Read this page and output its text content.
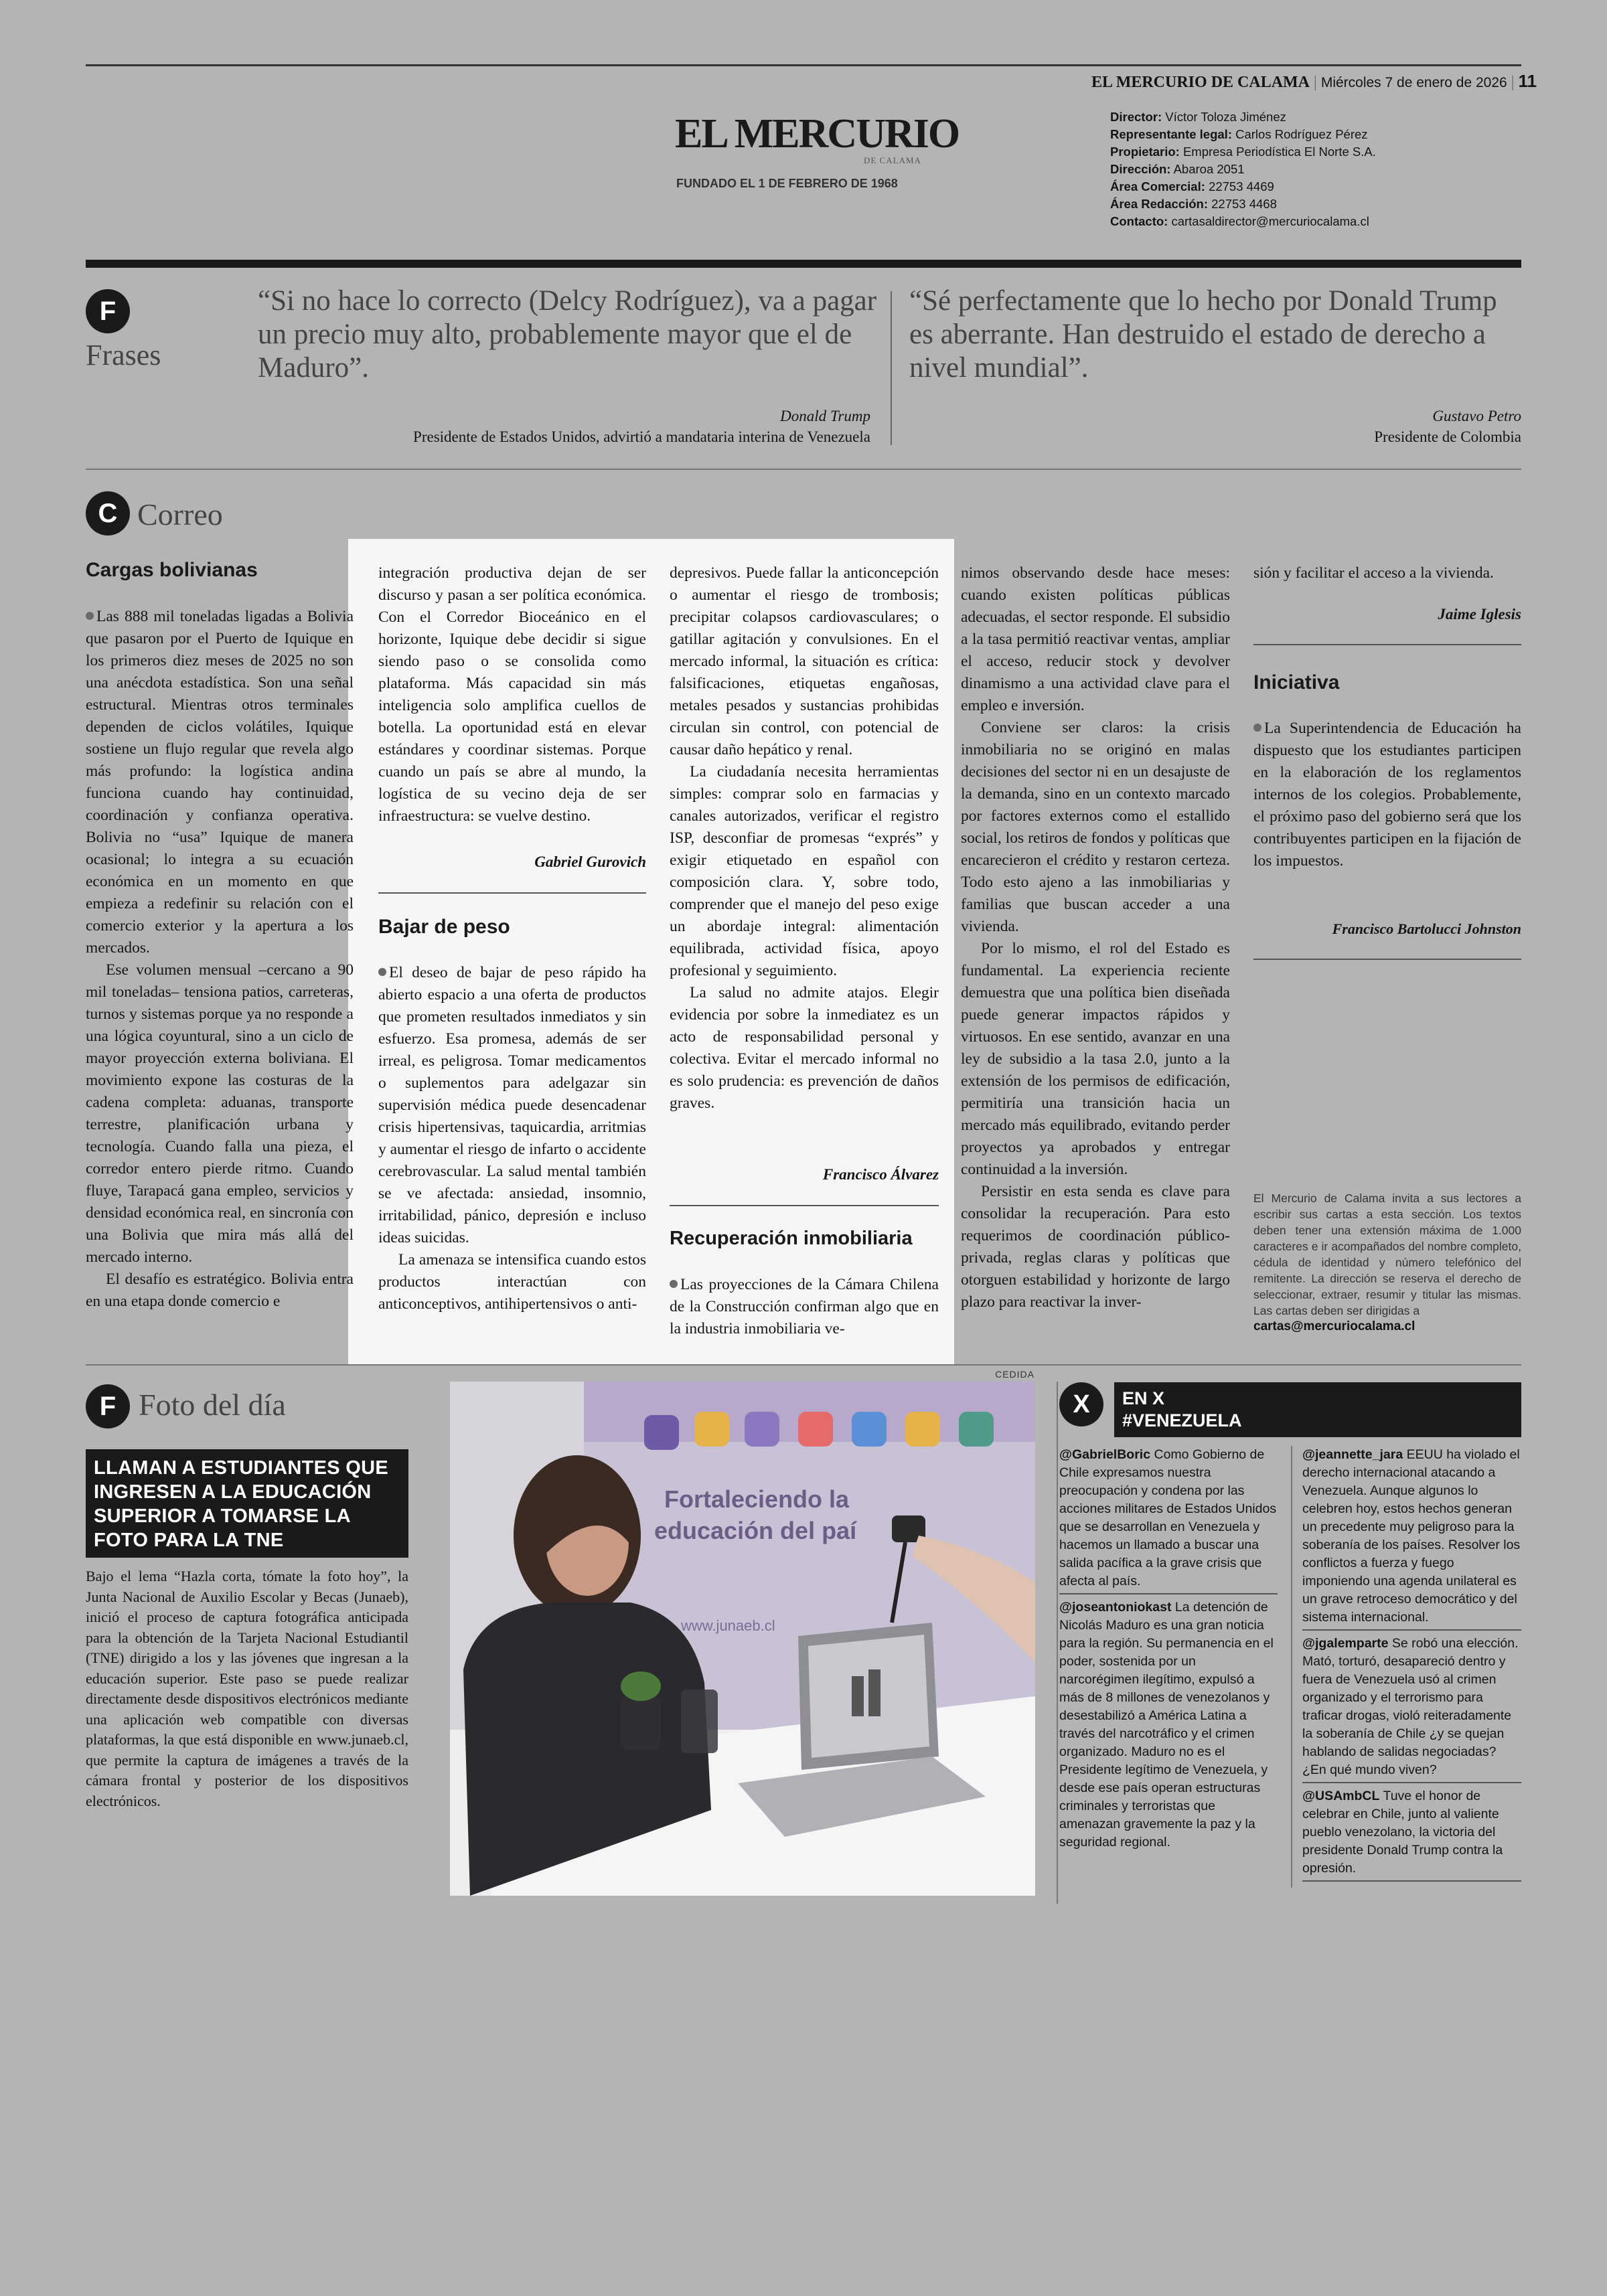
EL MERCURIO DE CALAMA | Miércoles 7 de enero de 2026 | 11
EL MERCURIO
DE CALAMA
FUNDADO EL 1 DE FEBRERO DE 1968
Director: Víctor Toloza Jiménez
Representante legal: Carlos Rodríguez Pérez
Propietario: Empresa Periodística El Norte S.A.
Dirección: Abaroa 2051
Área Comercial: 22753 4469
Área Redacción: 22753 4468
Contacto: cartasaldirector@mercuriocalama.cl
F
Frases
“Si no hace lo correcto (Delcy Rodríguez), va a pagar un precio muy alto, probablemente mayor que el de Maduro”.
Donald Trump
Presidente de Estados Unidos, advirtió a mandataria interina de Venezuela
“Sé perfectamente que lo hecho por Donald Trump es aberrante. Han destruido el estado de derecho a nivel mundial”.
Gustavo Petro
Presidente de Colombia
C Correo
Cargas bolivianas

Las 888 mil toneladas ligadas a Bolivia que pasaron por el Puerto de Iquique en los primeros diez meses de 2025 no son una anécdota estadística. Son una señal estructural. Mientras otros terminales dependen de ciclos volátiles, Iquique sostiene un flujo regular que revela algo más profundo: la logística andina funciona cuando hay continuidad, coordinación y confianza operativa. Bolivia no “usa” Iquique de manera ocasional; lo integra a su ecuación económica en un momento en que empieza a redefinir su relación con el comercio exterior y la apertura a los mercados.

Ese volumen mensual –cercano a 90 mil toneladas– tensiona patios, carreteras, turnos y sistemas porque ya no responde a una lógica coyuntural, sino a un ciclo de mayor proyección externa boliviana. El movimiento expone las costuras de la cadena completa: aduanas, transporte terrestre, planificación urbana y tecnología. Cuando falla una pieza, el corredor entero pierde ritmo. Cuando fluye, Tarapacá gana empleo, servicios y densidad económica real, en sincronía con una Bolivia que mira más allá del mercado interno.

El desafío es estratégico. Bolivia entra en una etapa donde comercio e

integración productiva dejan de ser discurso y pasan a ser política económica. Con el Corredor Bioceánico en el horizonte, Iquique debe decidir si sigue siendo paso o se consolida como plataforma. Más capacidad sin más inteligencia solo amplifica cuellos de botella. La oportunidad está en elevar estándares y coordinar sistemas. Porque cuando un país se abre al mundo, la logística de su vecino deja de ser infraestructura: se vuelve destino.

Gabriel Gurovich
Bajar de peso

El deseo de bajar de peso rápido ha abierto espacio a una oferta de productos que prometen resultados inmediatos y sin esfuerzo. Esa promesa, además de ser irreal, es peligrosa. Tomar medicamentos o suplementos para adelgazar sin supervisión médica puede desencadenar crisis hipertensivas, taquicardia, arritmias y aumentar el riesgo de infarto o accidente cerebrovascular. La salud mental también se ve afectada: ansiedad, insomnio, irritabilidad, pánico, depresión e incluso ideas suicidas.

La amenaza se intensifica cuando estos productos interactúan con anticonceptivos, antihipertensivos o anti-

depresivos. Puede fallar la anticoncepción o aumentar el riesgo de trombosis; precipitar colapsos cardiovasculares; o gatillar agitación y convulsiones. En el mercado informal, la situación es crítica: falsificaciones, etiquetas engañosas, metales pesados y sustancias prohibidas circulan sin control, con potencial de causar daño hepático y renal.

La ciudadanía necesita herramientas simples: comprar solo en farmacias y canales autorizados, verificar el registro ISP, desconfiar de promesas “exprés” y exigir etiquetado en español con composición clara. Y, sobre todo, comprender que el manejo del peso exige un abordaje integral: alimentación equilibrada, actividad física, apoyo profesional y seguimiento.

La salud no admite atajos. Elegir evidencia por sobre la inmediatez es un acto de responsabilidad personal y colectiva. Evitar el mercado informal no es solo prudencia: es prevención de daños graves.

Francisco Álvarez
Recuperación inmobiliaria

Las proyecciones de la Cámara Chilena de la Construcción confirman algo que en la industria inmobiliaria ve-

nimos observando desde hace meses: cuando existen políticas públicas adecuadas, el sector responde. El subsidio a la tasa permitió reactivar ventas, ampliar el acceso, reducir stock y devolver dinamismo a una actividad clave para el empleo e inversión.

Conviene ser claros: la crisis inmobiliaria no se originó en malas decisiones del sector ni en un desajuste de la demanda, sino en un contexto marcado por factores externos como el estallido social, los retiros de fondos y políticas que encarecieron el crédito y restaron certeza. Todo esto ajeno a las inmobiliarias y familias que buscan acceder a una vivienda.

Por lo mismo, el rol del Estado es fundamental. La experiencia reciente demuestra que una política bien diseñada puede generar impactos rápidos y virtuosos. En ese sentido, avanzar en una ley de subsidio a la tasa 2.0, junto a la extensión de los permisos de edificación, permitiría una transición hacia un mercado más equilibrado, evitando perder proyectos ya aprobados y entregar continuidad a la inversión.

Persistir en esta senda es clave para consolidar la recuperación. Para esto requerimos de coordinación público-privada, reglas claras y políticas que otorguen estabilidad y horizonte de largo plazo para reactivar la inver-

sión y facilitar el acceso a la vivienda.

Jaime Iglesis
Iniciativa

La Superintendencia de Educación ha dispuesto que los estudiantes participen en la elaboración de los reglamentos internos de los colegios. Probablemente, el próximo paso del gobierno será que los contribuyentes participen en la fijación de los impuestos.

Francisco Bartolucci Johnston
El Mercurio de Calama invita a sus lectores a escribir sus cartas a esta sección. Los textos deben tener una extensión máxima de 1.000 caracteres e ir acompañados del nombre completo, cédula de identidad y número telefónico del remitente. La dirección se reserva el derecho de seleccionar, extraer, resumir y titular las mismas. Las cartas deben ser dirigidas a
cartas@mercuriocalama.cl
F Foto del día
LLAMAN A ESTUDIANTES QUE INGRESEN A LA EDUCACIÓN SUPERIOR A TOMARSE LA FOTO PARA LA TNE

Bajo el lema “Hazla corta, tómate la foto hoy”, la Junta Nacional de Auxilio Escolar y Becas (Junaeb), inició el proceso de captura fotográfica anticipada para la obtención de la Tarjeta Nacional Estudiantil (TNE) dirigido a los y las jóvenes que ingresan a la educación superior. Este paso se puede realizar directamente desde dispositivos electrónicos mediante una aplicación web compatible con diversas plataformas, la que está disponible en www.junaeb.cl, que permite la captura de imágenes a través de la cámara frontal y posterior de los dispositivos electrónicos.

CEDIDA
Fortaleciendo la
educación del paí
www.junaeb.cl
X	EN X
#VENEZUELA
@GabrielBoric Como Gobierno de Chile expresamos nuestra preocupación y condena por las acciones militares de Estados Unidos que se desarrollan en Venezuela y hacemos un llamado a buscar una salida pacífica a la grave crisis que afecta al país.
@joseantoniokast La detención de Nicolás Maduro es una gran noticia para la región. Su permanencia en el poder, sostenida por un narcorégimen ilegítimo, expulsó a más de 8 millones de venezolanos y desestabilizó a América Latina a través del narcotráfico y el crimen organizado. Maduro no es el Presidente legítimo de Venezuela, y desde ese país operan estructuras criminales y terroristas que amenazan gravemente la paz y la seguridad regional.
@jeannette_jara EEUU ha violado el derecho internacional atacando a Venezuela. Aunque algunos lo celebren hoy, estos hechos generan un precedente muy peligroso para la soberanía de los países. Resolver los conflictos a fuerza y fuego imponiendo una agenda unilateral es un grave retroceso democrático y del sistema internacional.
@jgalemparte Se robó una elección. Mató, torturó, desapareció dentro y fuera de Venezuela usó al crimen organizado y el terrorismo para traficar drogas, violó reiteradamente la soberanía de Chile ¿y se quejan hablando de salidas negociadas? ¿En qué mundo viven?
@USAmbCL Tuve el honor de celebrar en Chile, junto al valiente pueblo venezolano, la victoria del presidente Donald Trump contra la opresión.
